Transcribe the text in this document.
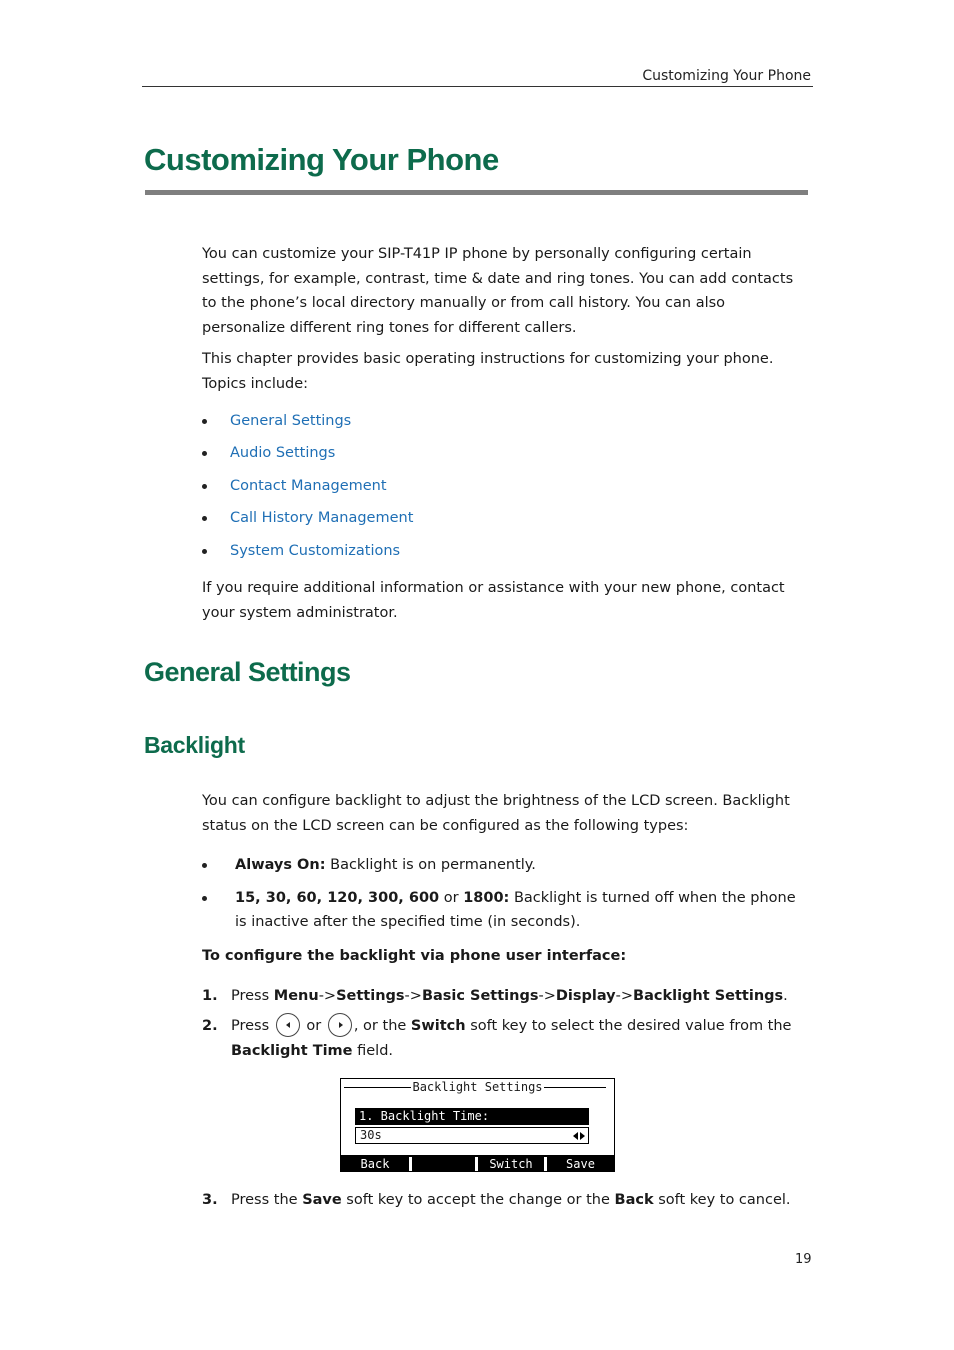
Customizing Your Phone
Customizing Your Phone
You can customize your SIP-T41P IP phone by personally configuring certain settings, for example, contrast, time & date and ring tones. You can add contacts to the phone’s local directory manually or from call history. You can also personalize different ring tones for different callers.
This chapter provides basic operating instructions for customizing your phone. Topics include:
General Settings
Audio Settings
Contact Management
Call History Management
System Customizations
If you require additional information or assistance with your new phone, contact your system administrator.
General Settings
Backlight
You can configure backlight to adjust the brightness of the LCD screen. Backlight status on the LCD screen can be configured as the following types:
Always On: Backlight is on permanently.
15, 30, 60, 120, 300, 600 or 1800: Backlight is turned off when the phone is inactive after the specified time (in seconds).
To configure the backlight via phone user interface:
1. Press Menu->Settings->Basic Settings->Display->Backlight Settings.
2. Press	or , or the Switch soft key to select the desired value from the Backlight Time field.
Backlight Settings
1. Backlight Time:
30s
Back	Switch	Save
3. Press the Save soft key to accept the change or the Back soft key to cancel.
19
